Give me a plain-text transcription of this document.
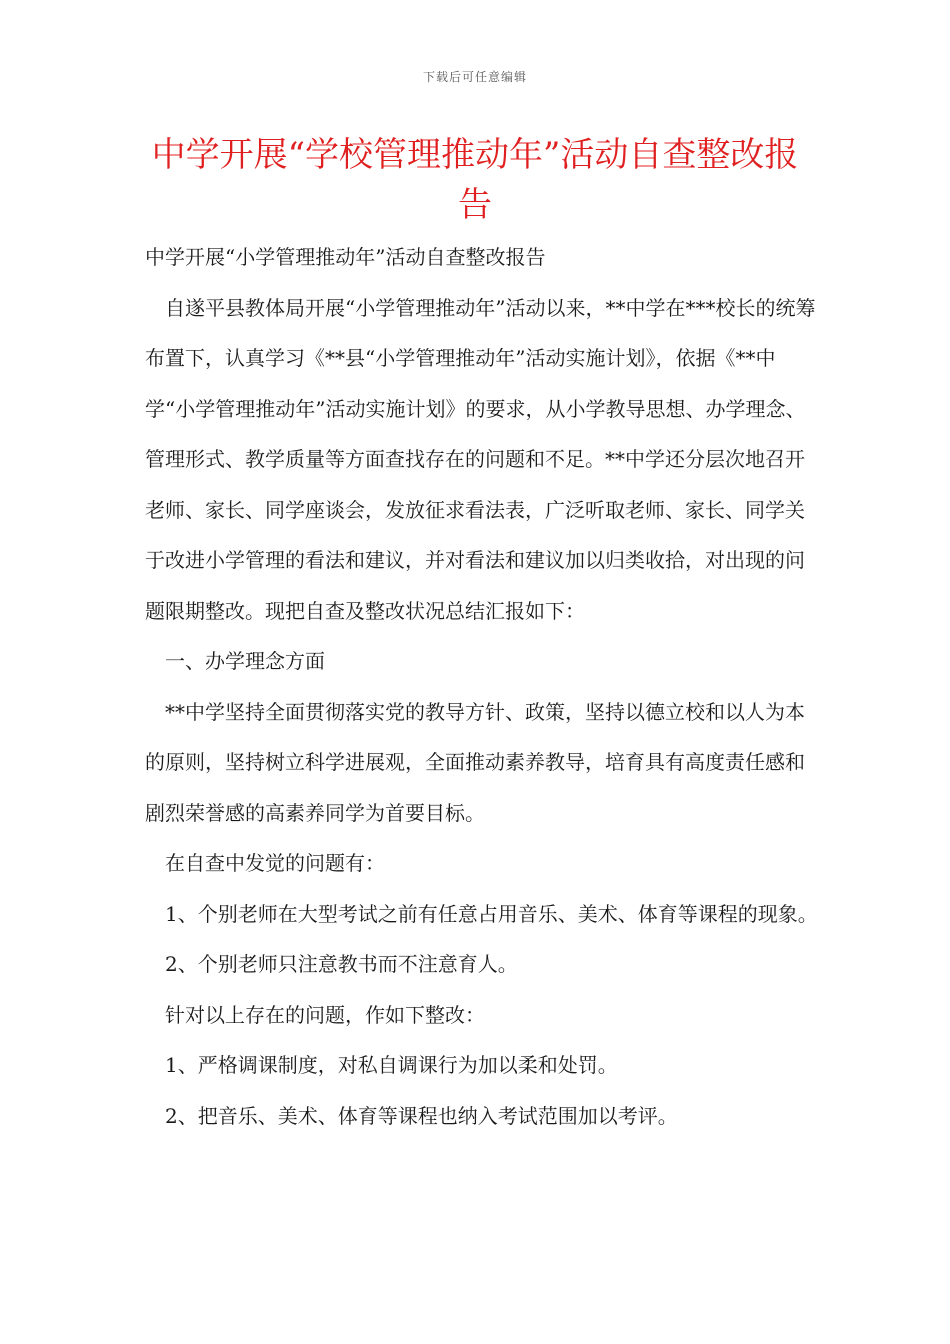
下载后可任意编辑
中学开展“学校管理推动年”活动自查整改报告

中学开展“小学管理推动年”活动自查整改报告

自遂平县教体局开展“小学管理推动年”活动以来，**中学在***校长的统筹布置下，认真学习《**县“小学管理推动年”活动实施计划》，依据《**中学“小学管理推动年”活动实施计划》的要求，从小学教导思想、办学理念、管理形式、教学质量等方面查找存在的问题和不足。**中学还分层次地召开老师、家长、同学座谈会，发放征求看法表，广泛听取老师、家长、同学关于改进小学管理的看法和建议，并对看法和建议加以归类收拾，对出现的问题限期整改。现把自查及整改状况总结汇报如下：

一、办学理念方面

**中学坚持全面贯彻落实党的教导方针、政策，坚持以德立校和以人为本的原则，坚持树立科学进展观，全面推动素养教导，培育具有高度责任感和剧烈荣誉感的高素养同学为首要目标。

在自查中发觉的问题有：

1、个别老师在大型考试之前有任意占用音乐、美术、体育等课程的现象。

2、个别老师只注意教书而不注意育人。

针对以上存在的问题，作如下整改：

1、严格调课制度，对私自调课行为加以柔和处罚。

2、把音乐、美术、体育等课程也纳入考试范围加以考评。
